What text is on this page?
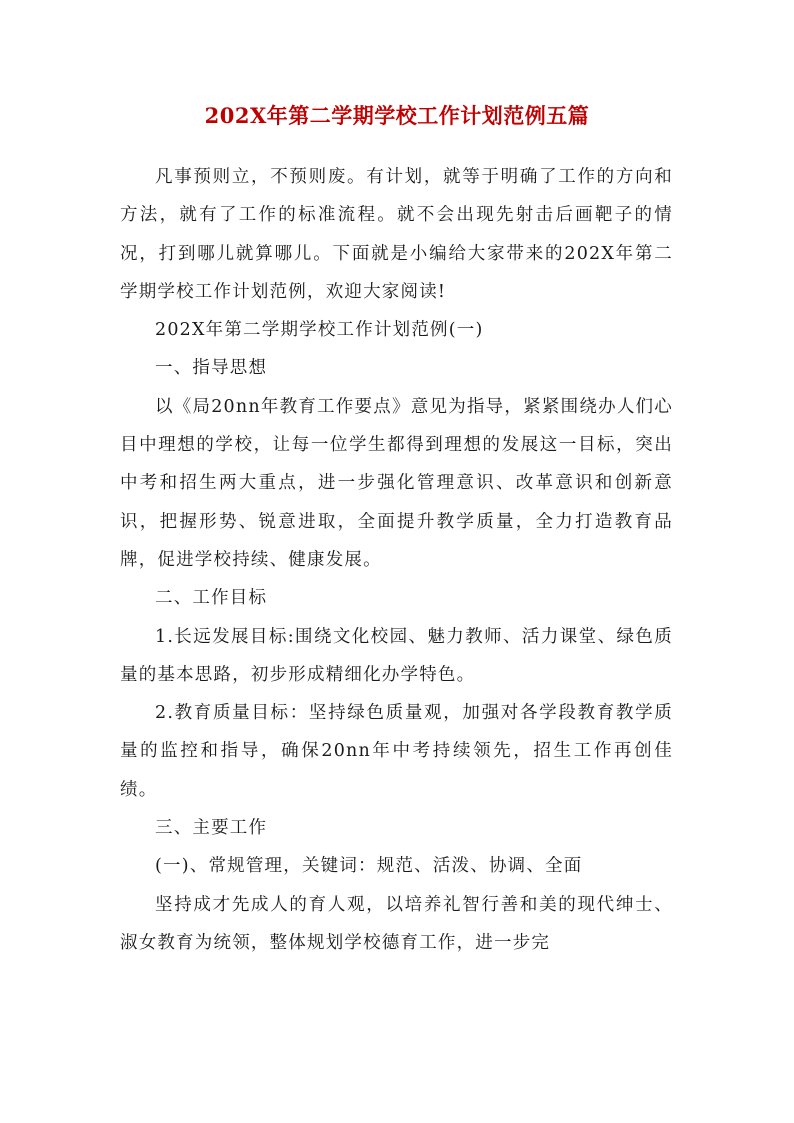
202X年第二学期学校工作计划范例五篇

凡事预则立，不预则废。有计划，就等于明确了工作的方向和方法，就有了工作的标准流程。就不会出现先射击后画靶子的情况，打到哪儿就算哪儿。下面就是小编给大家带来的202X年第二学期学校工作计划范例，欢迎大家阅读!

202X年第二学期学校工作计划范例(一)

一、指导思想

以《局20nn年教育工作要点》意见为指导，紧紧围绕办人们心目中理想的学校，让每一位学生都得到理想的发展这一目标，突出中考和招生两大重点，进一步强化管理意识、改革意识和创新意识，把握形势、锐意进取，全面提升教学质量，全力打造教育品牌，促进学校持续、健康发展。

二、工作目标

1.长远发展目标:围绕文化校园、魅力教师、活力课堂、绿色质量的基本思路，初步形成精细化办学特色。

2.教育质量目标：坚持绿色质量观，加强对各学段教育教学质量的监控和指导，确保20nn年中考持续领先，招生工作再创佳绩。

三、主要工作

(一)、常规管理，关键词：规范、活泼、协调、全面

坚持成才先成人的育人观，以培养礼智行善和美的现代绅士、淑女教育为统领，整体规划学校德育工作，进一步完
